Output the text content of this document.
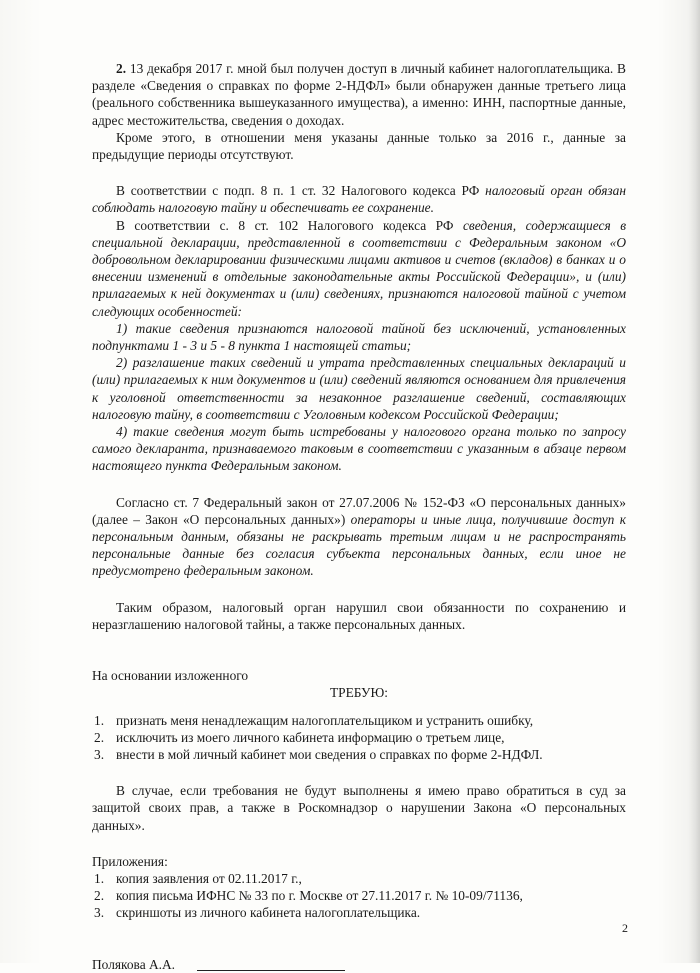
2. 13 декабря 2017 г. мной был получен доступ в личный кабинет налогоплательщика. В разделе «Сведения о справках по форме 2-НДФЛ» были обнаружен данные третьего лица (реального собственника вышеуказанного имущества), а именно: ИНН, паспортные данные, адрес местожительства, сведения о доходах.

Кроме этого, в отношении меня указаны данные только за 2016 г., данные за предыдущие периоды отсутствуют.

В соответствии с подп. 8 п. 1 ст. 32 Налогового кодекса РФ налоговый орган обязан соблюдать налоговую тайну и обеспечивать ее сохранение.

В соответствии с. 8 ст. 102 Налогового кодекса РФ сведения, содержащиеся в специальной декларации, представленной в соответствии с Федеральным законом «О добровольном декларировании физическими лицами активов и счетов (вкладов) в банках и о внесении изменений в отдельные законодательные акты Российской Федерации», и (или) прилагаемых к ней документах и (или) сведениях, признаются налоговой тайной с учетом следующих особенностей:

1) такие сведения признаются налоговой тайной без исключений, установленных подпунктами 1 - 3 и 5 - 8 пункта 1 настоящей статьи;

2) разглашение таких сведений и утрата представленных специальных деклараций и (или) прилагаемых к ним документов и (или) сведений являются основанием для привлечения к уголовной ответственности за незаконное разглашение сведений, составляющих налоговую тайну, в соответствии с Уголовным кодексом Российской Федерации;

4) такие сведения могут быть истребованы у налогового органа только по запросу самого декларанта, признаваемого таковым в соответствии с указанным в абзаце первом настоящего пункта Федеральным законом.

Согласно ст. 7 Федеральный закон от 27.07.2006 № 152-ФЗ «О персональных данных» (далее – Закон «О персональных данных») операторы и иные лица, получившие доступ к персональным данным, обязаны не раскрывать третьим лицам и не распространять персональные данные без согласия субъекта персональных данных, если иное не предусмотрено федеральным законом.

Таким образом, налоговый орган нарушил свои обязанности по сохранению и неразглашению налоговой тайны, а также персональных данных.

На основании изложенного

ТРЕБУЮ:

1. признать меня ненадлежащим налогоплательщиком и устранить ошибку,
2. исключить из моего личного кабинета информацию о третьем лице,
3. внести в мой личный кабинет мои сведения о справках по форме 2-НДФЛ.

В случае, если требования не будут выполнены я имею право обратиться в суд за защитой своих прав, а также в Роскомнадзор о нарушении Закона «О персональных данных».

Приложения:

1. копия заявления от 02.11.2017 г.,
2. копия письма ИФНС № 33 по г. Москве от 27.11.2017 г. № 10-09/71136,
3. скриншоты из личного кабинета налогоплательщика.

Полякова А.А.

2
